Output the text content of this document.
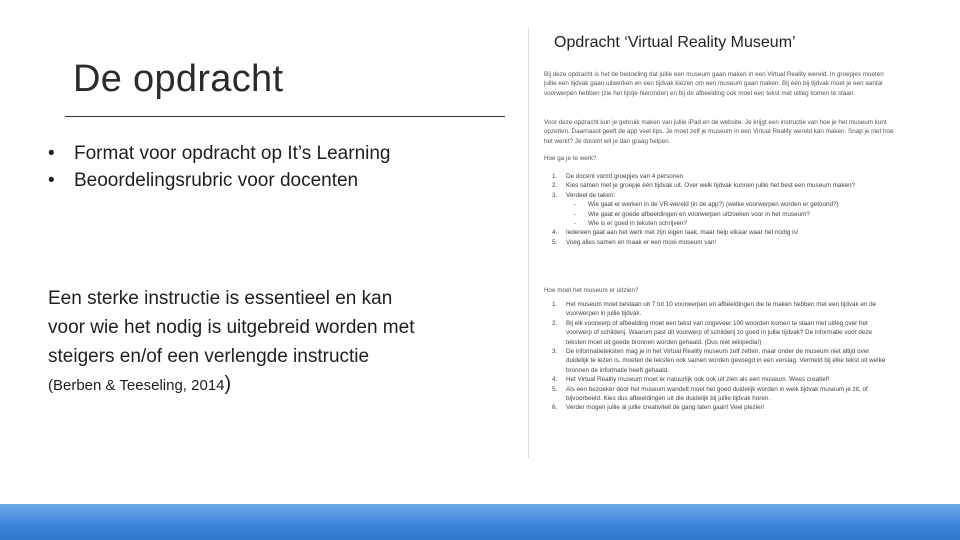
De opdracht
• Format voor opdracht op It’s Learning
• Beoordelingsrubric voor docenten
Een sterke instructie is essentieel en kan voor wie het nodig is uitgebreid worden met steigers en/of een verlengde instructie
(Berben & Teeseling, 2014)
Opdracht ‘Virtual Reality Museum’
Bij deze opdracht is het de bedoeling dat jullie een museum gaan maken in een Virtual Reality wereld. In groepjes moeten jullie een tijdvak gaan uitwerken en een tijdvak kiezen om een museum gaan maken. Bij één bij tijdvak moet je een aantal voorwerpen hebben (zie het lijstje hieronder) en bij de afbeelding ook moet een tekst met uitleg komen te staan.
Voor deze opdracht kun je gebruik maken van jullie iPad en de website. Je krijgt een instructie van hoe je het museum kunt opzetten. Daarnaast geeft de app veel tips. Je moet zelf je museum in een Virtual Reality wereld kan maken. Snap je niet hoe het werkt? Je docent wil je dan graag helpen.
Hoe ga je te werk?
1. De docent vormt groepjes van 4 personen
2. Kies samen met je groepje één tijdvak uit. Over welk tijdvak kunnen jullie het best een museum maken?
3. Verdeel de taken:
- Wie gaat er werken in de VR-wereld (in de app?) (welke voorwerpen worden er getoond?)
- Wie gaat er goede afbeeldingen en voorwerpen uitzoeken voor in het museum?
- Wie is er goed in teksten schrijven?
4. Iedereen gaat aan het werk met zijn eigen taak, maar help elkaar waar het nodig is!
5. Voeg alles samen en maak er een mooi museum van!
Hoe moet het museum er uitzien?
1. Het museum moet bestaan uit 7 tot 10 voorwerpen en afbeeldingen die te maken hebben met een tijdvak en de voorwerpen in jullie tijdvak.
2. Bij elk voorwerp of afbeelding moet een tekst van ongeveer 100 woorden komen te staan met uitleg over het voorwerp of schilderij. Waarom past dit voorwerp of schilderij zo goed in jullie tijdvak? De informatie voor deze teksten moet uit goede bronnen worden gehaald. (Dus niet wikipedia!)
3. De informatieteksten mag je in het Virtual Reality museum zelf zetten, maar onder de museum niet altijd over duidelijk te lezen is, moeten de teksten ook samen worden gevoegd in een verslag. Vermeld bij elke tekst uit welke bronnen de informatie heeft gehaald.
4. Het Virtual Reality museum moet er natuurlijk ook ook uit zien als een museum. Wees creatief!
5. Als een bezoeker door het museum wandelt moet het goed duidelijk worden in welk tijdvak museum je zit, of bijvoorbeeld. Kies dus afbeeldingen uit die duidelijk bij jullie tijdvak horen.
6. Verder mogen jullie al jullie creativiteit de gang laten gaan! Veel plezier!
